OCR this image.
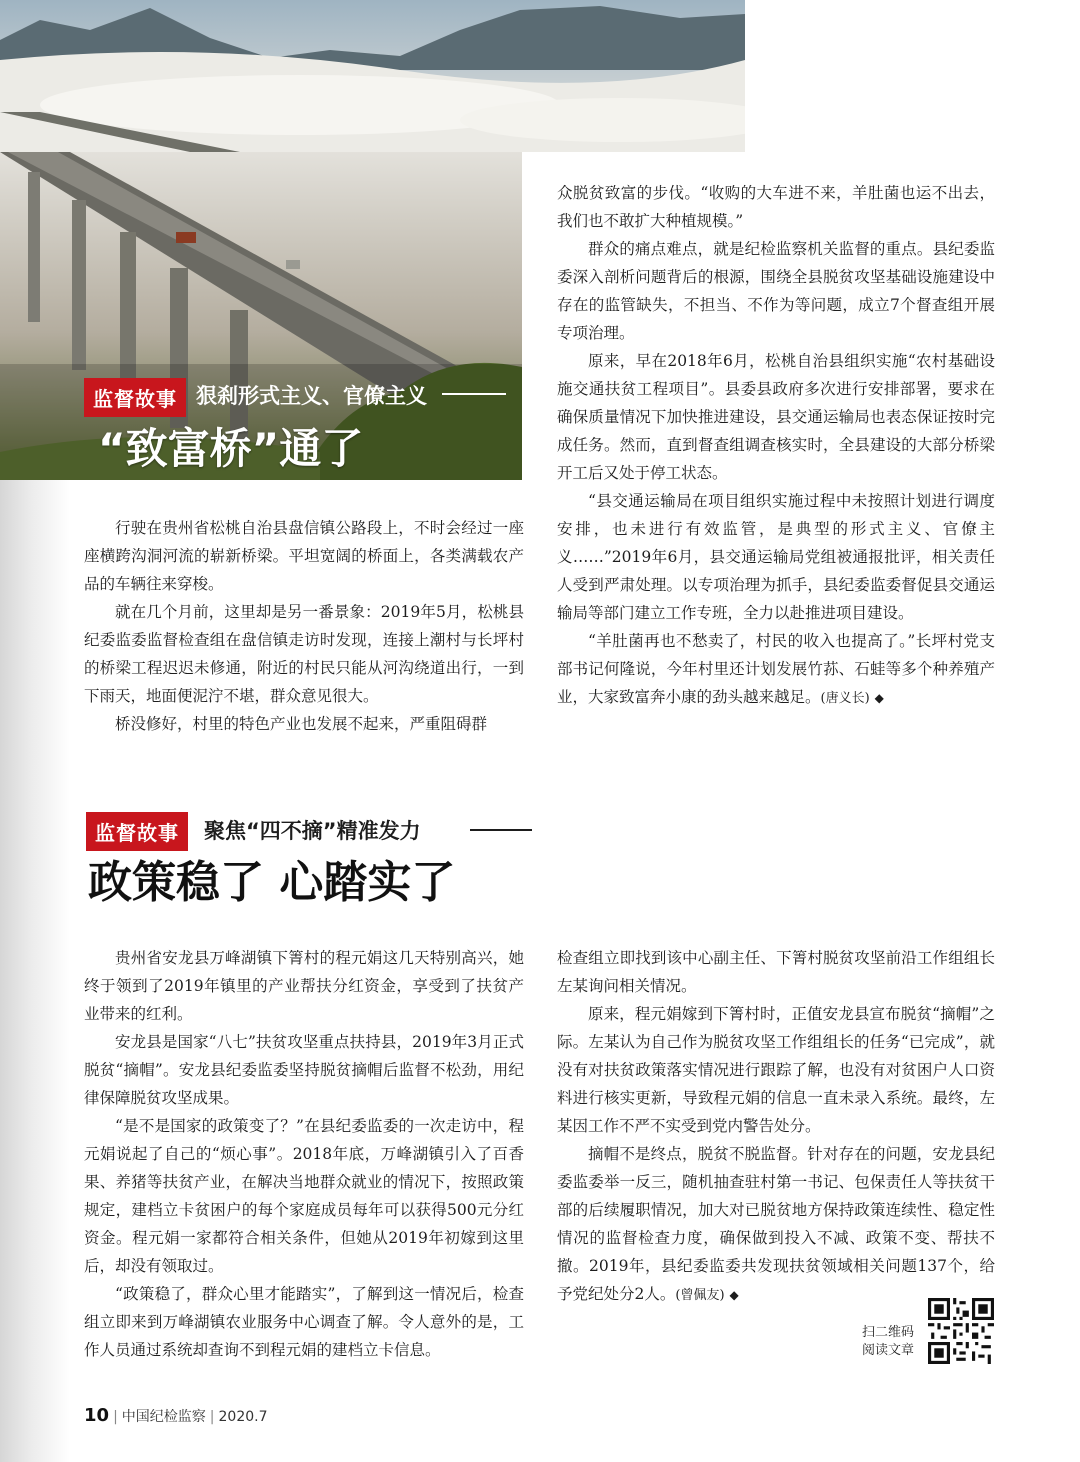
监督故事 狠刹形式主义、官僚主义
“致富桥”通了

行驶在贵州省松桃自治县盘信镇公路段上，不时会经过一座座横跨沟洞河流的崭新桥梁。平坦宽阔的桥面上，各类满载农产品的车辆往来穿梭。

就在几个月前，这里却是另一番景象：2019年5月，松桃县纪委监委监督检查组在盘信镇走访时发现，连接上潮村与长坪村的桥梁工程迟迟未修通，附近的村民只能从河沟绕道出行，一到下雨天，地面便泥泞不堪，群众意见很大。

桥没修好，村里的特色产业也发展不起来，严重阻碍群

众脱贫致富的步伐。“收购的大车进不来，羊肚菌也运不出去，我们也不敢扩大种植规模。”

群众的痛点难点，就是纪检监察机关监督的重点。县纪委监委深入剖析问题背后的根源，围绕全县脱贫攻坚基础设施建设中存在的监管缺失，不担当、不作为等问题，成立7个督查组开展专项治理。

原来，早在2018年6月，松桃自治县组织实施“农村基础设施交通扶贫工程项目”。县委县政府多次进行安排部署，要求在确保质量情况下加快推进建设，县交通运输局也表态保证按时完成任务。然而，直到督查组调查核实时，全县建设的大部分桥梁开工后又处于停工状态。

“县交通运输局在项目组织实施过程中未按照计划进行调度安排，也未进行有效监管，是典型的形式主义、官僚主义……”2019年6月，县交通运输局党组被通报批评，相关责任人受到严肃处理。以专项治理为抓手，县纪委监委督促县交通运输局等部门建立工作专班，全力以赴推进项目建设。

“羊肚菌再也不愁卖了，村民的收入也提高了。”长坪村党支部书记何隆说，今年村里还计划发展竹荪、石蛙等多个种养殖产业，大家致富奔小康的劲头越来越足。(唐义长) ◆

监督故事	聚焦“四不摘”精准发力
政策稳了 心踏实了

贵州省安龙县万峰湖镇下箐村的程元娟这几天特别高兴，她终于领到了2019年镇里的产业帮扶分红资金，享受到了扶贫产业带来的红利。

安龙县是国家“八七”扶贫攻坚重点扶持县，2019年3月正式脱贫“摘帽”。安龙县纪委监委坚持脱贫摘帽后监督不松劲，用纪律保障脱贫攻坚成果。

“是不是国家的政策变了？”在县纪委监委的一次走访中，程元娟说起了自己的“烦心事”。2018年底，万峰湖镇引入了百香果、养猪等扶贫产业，在解决当地群众就业的情况下，按照政策规定，建档立卡贫困户的每个家庭成员每年可以获得500元分红资金。程元娟一家都符合相关条件，但她从2019年初嫁到这里后，却没有领取过。

“政策稳了，群众心里才能踏实”，了解到这一情况后，检查组立即来到万峰湖镇农业服务中心调查了解。令人意外的是，工作人员通过系统却查询不到程元娟的建档立卡信息。

检查组立即找到该中心副主任、下箐村脱贫攻坚前沿工作组组长左某询问相关情况。

原来，程元娟嫁到下箐村时，正值安龙县宣布脱贫“摘帽”之际。左某认为自己作为脱贫攻坚工作组组长的任务“已完成”，就没有对扶贫政策落实情况进行跟踪了解，也没有对贫困户人口资料进行核实更新，导致程元娟的信息一直未录入系统。最终，左某因工作不严不实受到党内警告处分。

摘帽不是终点，脱贫不脱监督。针对存在的问题，安龙县纪委监委举一反三，随机抽查驻村第一书记、包保责任人等扶贫干部的后续履职情况，加大对已脱贫地方保持政策连续性、稳定性情况的监督检查力度，确保做到投入不减、政策不变、帮扶不撤。2019年，县纪委监委共发现扶贫领域相关问题137个，给予党纪处分2人。(曾佩友) ◆

扫二维码
阅读文章
10 | 中国纪检监察 | 2020.7
